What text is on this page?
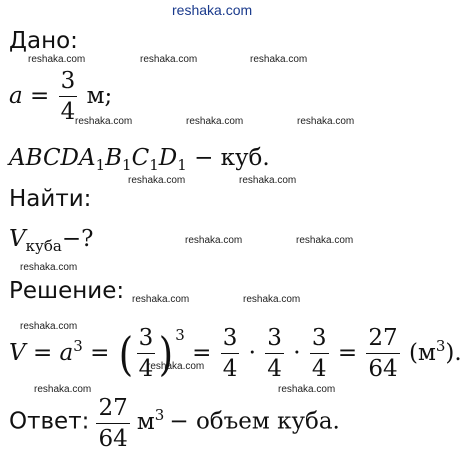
reshaka.com
reshaka.com	reshaka.com	reshaka.com
reshaka.com	reshaka.com	reshaka.com
reshaka.com	reshaka.com
reshaka.com	reshaka.com
reshaka.com
reshaka.com	reshaka.com
reshaka.com
reshaka.com
reshaka.com	reshaka.com
Дано:
$a = \frac{3}{4} м$;
$ABCDA_1B_1C_1D_1$ − куб.
Найти:
$V_{куба}-$?
Решение:
$V = a^3$ = ( $\frac{3}{4}$ ) $^3 = \frac{3}{4} \cdot \frac{3}{4} \cdot \frac{3}{4} = \frac{27}{64} (м^3)$.
Ответ: $\frac{27}{64} м^3$ − объем куба.
